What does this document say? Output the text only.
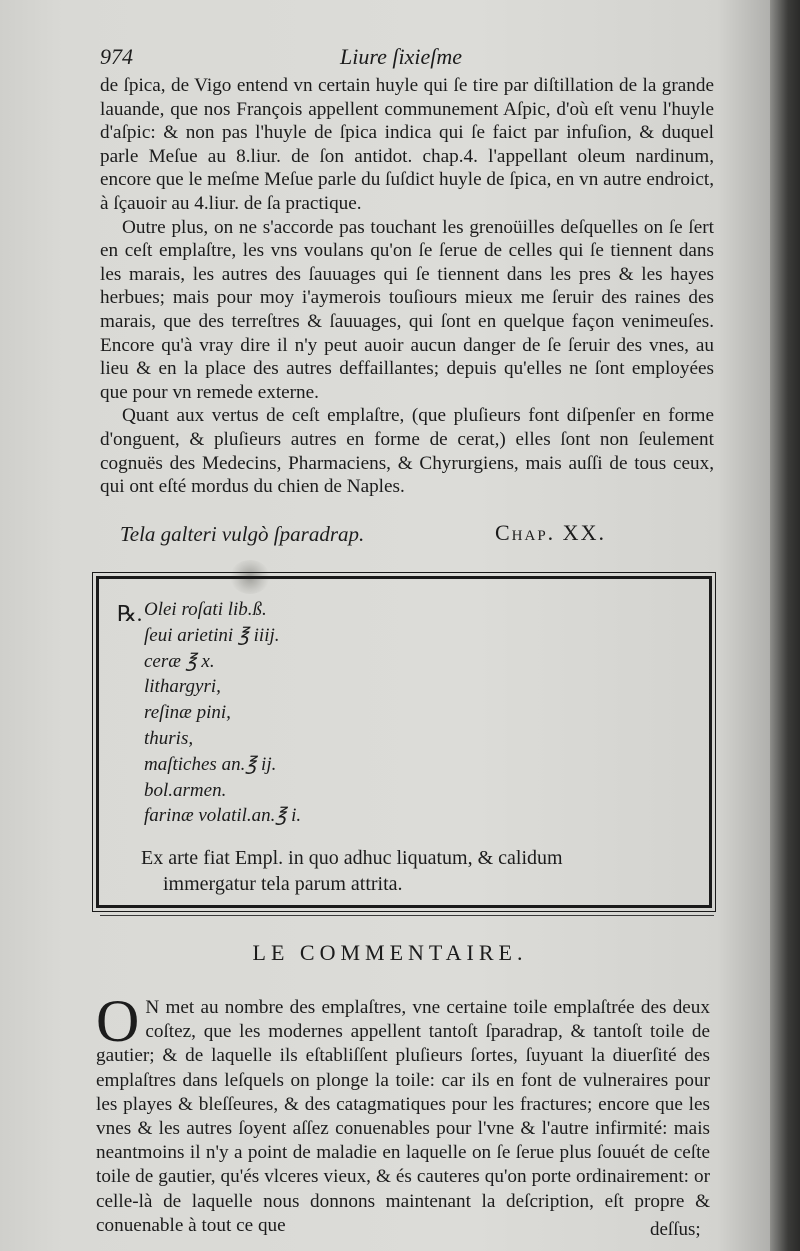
974	Liure ſixieſme

de ſpica, de Vigo entend vn certain huyle qui ſe tire par diſtillation de la grande lauande, que nos François appellent communement Aſpic, d'où eſt venu l'huyle d'aſpic: & non pas l'huyle de ſpica indica qui ſe faict par infuſion, & duquel parle Meſue au 8.liur. de ſon antidot. chap.4. l'appellant oleum nardinum, encore que le meſme Meſue parle du ſuſdict huyle de ſpica, en vn autre endroict, à ſçauoir au 4.liur. de ſa practique.

Outre plus, on ne s'accorde pas touchant les grenoüilles deſquelles on ſe ſert en ceſt emplaſtre, les vns voulans qu'on ſe ſerue de celles qui ſe tiennent dans les marais, les autres des ſauuages qui ſe tiennent dans les pres & les hayes herbues; mais pour moy i'aymerois touſiours mieux me ſeruir des raines des marais, que des terreſtres & ſauuages, qui ſont en quelque façon venimeuſes. Encore qu'à vray dire il n'y peut auoir aucun danger de ſe ſeruir des vnes, au lieu & en la place des autres deffaillantes; depuis qu'elles ne ſont employées que pour vn remede externe.

Quant aux vertus de ceſt emplaſtre, (que pluſieurs font diſpenſer en forme d'onguent, & pluſieurs autres en forme de cerat,) elles ſont non ſeulement cognuës des Medecins, Pharmaciens, & Chyrurgiens, mais auſſi de tous ceux, qui ont eſté mordus du chien de Naples.

Tela galteri vulgò ſparadrap.	Chap. XX.
℞. Olei roſati lib.ß.
ſeui arietini ℥ iiij.
ceræ ℥ x.
lithargyri,
reſinæ pini,
thuris,
maſtiches an.℥ ij.
bol.armen.
farinæ volatil.an.℥ i.

Ex arte fiat Empl. in quo adhuc liquatum, & calidum

immergatur tela parum attrita.

LE COMMENTAIRE.
O N met au nombre des emplaſtres, vne certaine toile emplaſtrée des deux coſtez, que les modernes appellent tantoſt ſparadrap, & tantoſt toile de gautier; & de laquelle ils eſtabliſſent pluſieurs ſortes, ſuyuant la diuerſité des emplaſtres dans leſquels on plonge la toile: car ils en font de vulneraires pour les playes & bleſſeures, & des catagmatiques pour les fractures; encore que les vnes & les autres ſoyent aſſez conuenables pour l'vne & l'autre infirmité: mais neantmoins il n'y a point de maladie en laquelle on ſe ſerue plus ſouuét de ceſte toile de gautier, qu'és vlceres vieux, & és cauteres qu'on porte ordinairement: or celle-là de laquelle nous donnons maintenant la deſcription, eſt propre & conuenable à tout ce que	deſſus;
